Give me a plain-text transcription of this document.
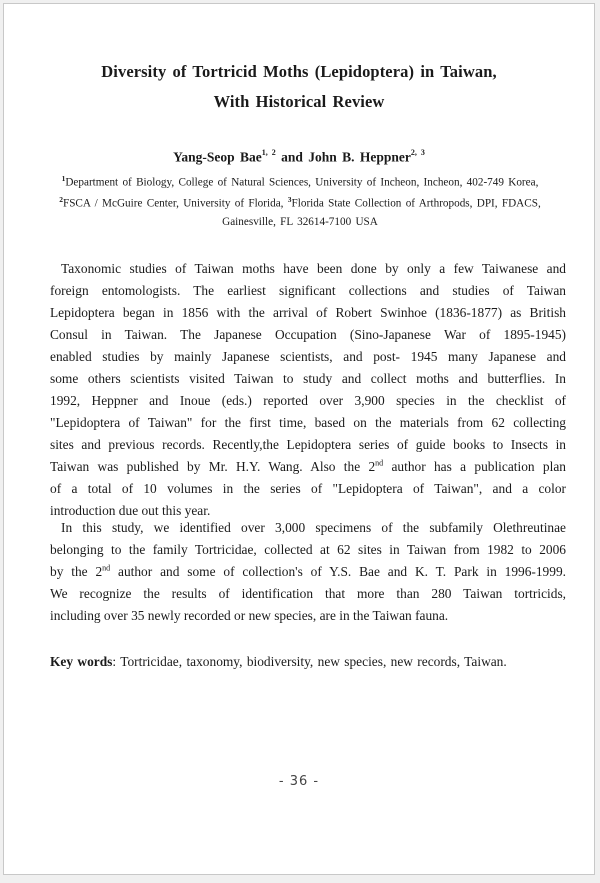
Diversity of Tortricid Moths (Lepidoptera) in Taiwan,
With Historical Review
Yang-Seop Bae$^{1, 2}$ and John B. Heppner$^{2, 3}$
$^1$Department of Biology, College of Natural Sciences, University of Incheon, Incheon, 402-749 Korea,
$^2$FSCA / McGuire Center, University of Florida, $^3$Florida State Collection of Arthropods, DPI, FDACS,
Gainesville, FL 32614-7100 USA
Taxonomic studies of Taiwan moths have been done by only a few Taiwanese and
foreign entomologists. The earliest significant collections and studies of Taiwan
Lepidoptera began in 1856 with the arrival of Robert Swinhoe (1836-1877) as British
Consul in Taiwan. The Japanese Occupation (Sino-Japanese War of 1895-1945)
enabled studies by mainly Japanese scientists, and post- 1945 many Japanese and
some others scientists visited Taiwan to study and collect moths and butterflies. In
1992, Heppner and Inoue (eds.) reported over 3,900 species in the checklist of
"Lepidoptera of Taiwan" for the first time, based on the materials from 62 collecting
sites and previous records. Recently,the Lepidoptera series of guide books to Insects in
Taiwan was published by Mr. H.Y. Wang. Also the 2nd author has a publication plan
of a total of 10 volumes in the series of "Lepidoptera of Taiwan", and a color
introduction due out this year.
In this study, we identified over 3,000 specimens of the subfamily Olethreutinae
belonging to the family Tortricidae, collected at 62 sites in Taiwan from 1982 to 2006
by the 2nd author and some of collection's of Y.S. Bae and K. T. Park in 1996-1999.
We recognize the results of identification that more than 280 Taiwan tortricids,
including over 35 newly recorded or new species, are in the Taiwan fauna.
Key words: Tortricidae, taxonomy, biodiversity, new species, new records, Taiwan.
- 36 -
